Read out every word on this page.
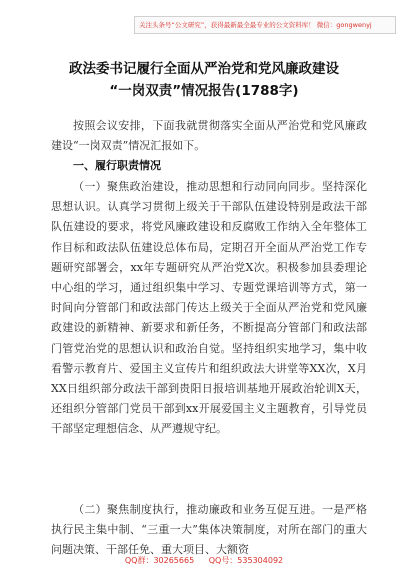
关注头条号“公文研究”，获得最新最全最专业的公文资料库！ 微信：gongwenyj
政法委书记履行全面从严治党和党风廉政建设
“一岗双责”情况报告(1788字)

按照会议安排，下面我就贯彻落实全面从严治党和党风廉政建设“一岗双责”情况汇报如下。

一、履行职责情况

（一）聚焦政治建设，推动思想和行动同向同步。坚持深化思想认识。认真学习贯彻上级关于干部队伍建设特别是政法干部队伍建设的要求，将党风廉政建设和反腐败工作纳入全年整体工作目标和政法队伍建设总体布局，定期召开全面从严治党工作专题研究部署会，xx年专题研究从严治党X次。积极参加县委理论中心组的学习，通过组织集中学习、专题党课培训等方式，第一时间向分管部门和政法部门传达上级关于全面从严治党和党风廉政建设的新精神、新要求和新任务，不断提高分管部门和政法部门管党治党的思想认识和政治自觉。坚持组织实地学习，集中收看警示教育片、爱国主义宣传片和组织政法大讲堂等XX次，X月XX日组织部分政法干部到贵阳日报培训基地开展政治轮训X天，还组织分管部门党员干部到xx开展爱国主义主题教育，引导党员干部坚定理想信念、从严遵规守纪。

（二）聚焦制度执行，推动廉政和业务互促互进。一是严格执行民主集中制、“三重一大”集体决策制度，对所在部门的重大问题决策、干部任免、重大项目、大额资

QQ群：30265665 QQ号：535304092
